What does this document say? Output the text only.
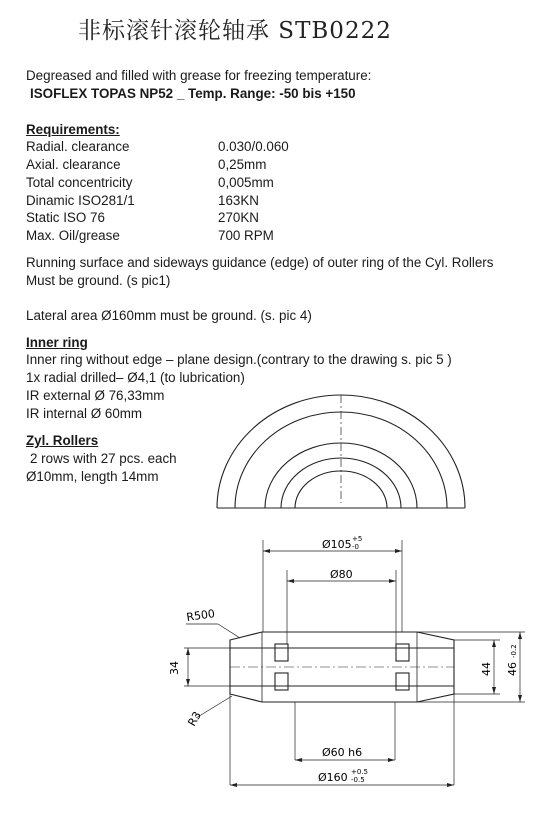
非标滚针滚轮轴承 STB0222
Degreased and filled with grease for freezing temperature:
ISOFLEX TOPAS NP52 _ Temp. Range: -50 bis +150
Requirements:
Radial. clearance	0.030/0.060
Axial. clearance	0,25mm
Total concentricity	0,005mm
Dinamic ISO281/1	163KN
Static ISO 76	270KN
Max. Oil/grease	700 RPM
Running surface and sideways guidance (edge) of outer ring of the Cyl. Rollers
Must be ground. (s pic1)
Lateral area Ø160mm must be ground. (s. pic 4)
Inner ring
Inner ring without edge – plane design.(contrary to the drawing s. pic 5 )
1x radial drilled– Ø4,1 (to lubrication)
IR external Ø 76,33mm
IR internal Ø 60mm
Zyl. Rollers
2 rows with 27 pcs. each
Ø10mm, length 14mm
Ø105 +5
-0
Ø80
R500
R3
34	44 46
-0.2
Ø60 h6
Ø160 +0.5
-0.5
